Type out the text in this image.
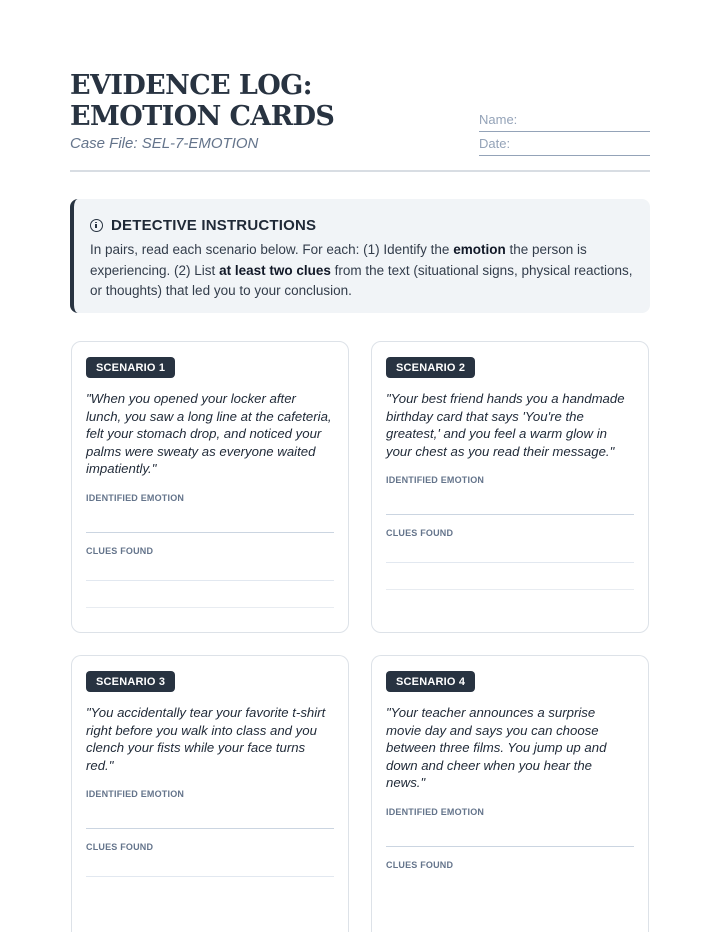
EVIDENCE LOG: EMOTION CARDS
Case File: SEL-7-EMOTION
Name:
Date:
DETECTIVE INSTRUCTIONS

In pairs, read each scenario below. For each: (1) Identify the emotion the person is experiencing. (2) List at least two clues from the text (situational signs, physical reactions, or thoughts) that led you to your conclusion.

SCENARIO 1

"When you opened your locker after lunch, you saw a long line at the cafeteria, felt your stomach drop, and noticed your palms were sweaty as everyone waited impatiently."

IDENTIFIED EMOTION
CLUES FOUND
SCENARIO 2

"Your best friend hands you a handmade birthday card that says 'You're the greatest,' and you feel a warm glow in your chest as you read their message."

IDENTIFIED EMOTION
CLUES FOUND
SCENARIO 3

"You accidentally tear your favorite t-shirt right before you walk into class and you clench your fists while your face turns red."

IDENTIFIED EMOTION
CLUES FOUND
SCENARIO 4

"Your teacher announces a surprise movie day and says you can choose between three films. You jump up and down and cheer when you hear the news."

IDENTIFIED EMOTION
CLUES FOUND
